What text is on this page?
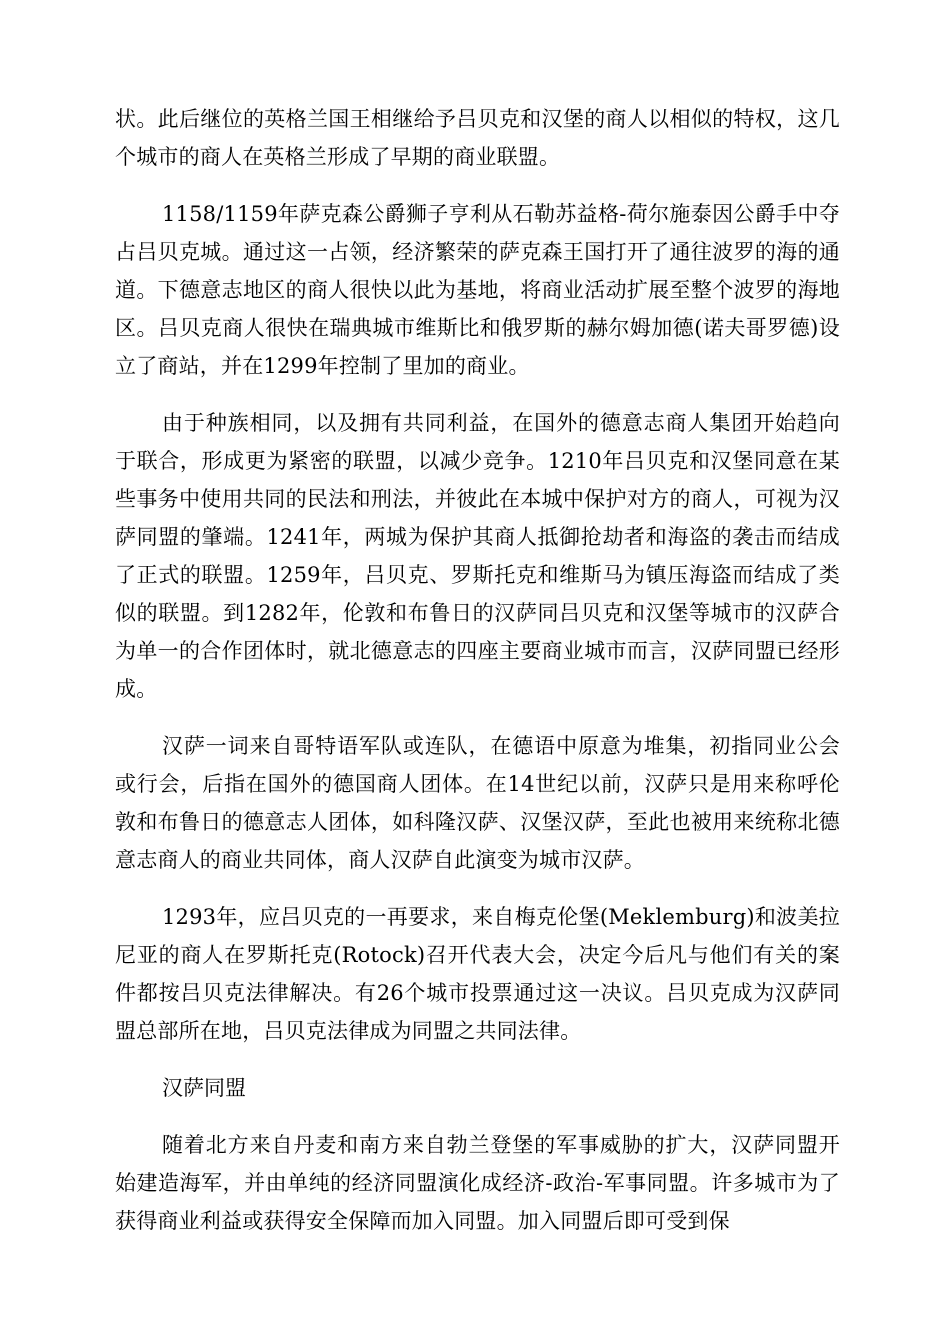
状。此后继位的英格兰国王相继给予吕贝克和汉堡的商人以相似的特权，这几个城市的商人在英格兰形成了早期的商业联盟。

1158/1159年萨克森公爵狮子亨利从石勒苏益格-荷尔施泰因公爵手中夺占吕贝克城。通过这一占领，经济繁荣的萨克森王国打开了通往波罗的海的通道。下德意志地区的商人很快以此为基地，将商业活动扩展至整个波罗的海地区。吕贝克商人很快在瑞典城市维斯比和俄罗斯的赫尔姆加德(诺夫哥罗德)设立了商站，并在1299年控制了里加的商业。

由于种族相同，以及拥有共同利益，在国外的德意志商人集团开始趋向于联合，形成更为紧密的联盟，以减少竞争。1210年吕贝克和汉堡同意在某些事务中使用共同的民法和刑法，并彼此在本城中保护对方的商人，可视为汉萨同盟的肇端。1241年，两城为保护其商人抵御抢劫者和海盗的袭击而结成了正式的联盟。1259年，吕贝克、罗斯托克和维斯马为镇压海盗而结成了类似的联盟。到1282年，伦敦和布鲁日的汉萨同吕贝克和汉堡等城市的汉萨合为单一的合作团体时，就北德意志的四座主要商业城市而言，汉萨同盟已经形成。

汉萨一词来自哥特语军队或连队，在德语中原意为堆集，初指同业公会或行会，后指在国外的德国商人团体。在14世纪以前，汉萨只是用来称呼伦敦和布鲁日的德意志人团体，如科隆汉萨、汉堡汉萨，至此也被用来统称北德意志商人的商业共同体，商人汉萨自此演变为城市汉萨。

1293年，应吕贝克的一再要求，来自梅克伦堡(Meklemburg)和波美拉尼亚的商人在罗斯托克(Rotock)召开代表大会，决定今后凡与他们有关的案件都按吕贝克法律解决。有26个城市投票通过这一决议。吕贝克成为汉萨同盟总部所在地，吕贝克法律成为同盟之共同法律。

汉萨同盟

随着北方来自丹麦和南方来自勃兰登堡的军事威胁的扩大，汉萨同盟开始建造海军，并由单纯的经济同盟演化成经济-政治-军事同盟。许多城市为了获得商业利益或获得安全保障而加入同盟。加入同盟后即可受到保
